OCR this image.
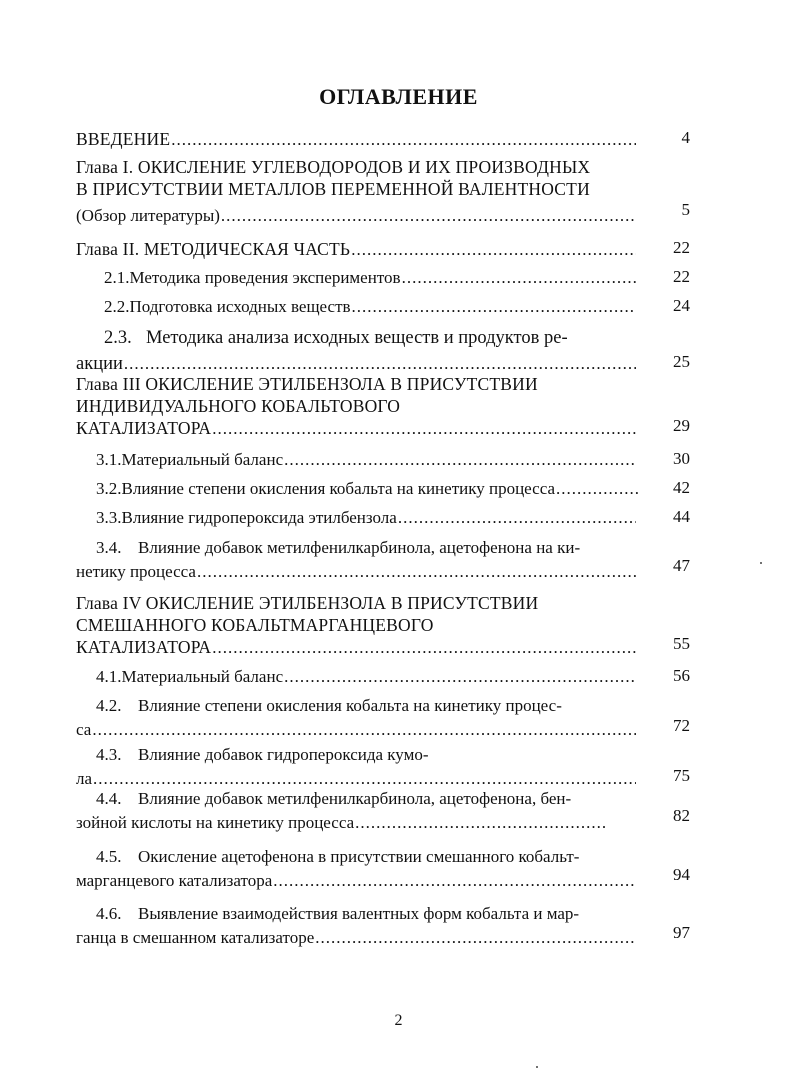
ОГЛАВЛЕНИЕ
ВВЕДЕНИЕ .....	4
Глава I. ОКИСЛЕНИЕ УГЛЕВОДОРОДОВ И ИХ ПРОИЗВОДНЫХ
В ПРИСУТСТВИИ МЕТАЛЛОВ ПЕРЕМЕННОЙ ВАЛЕНТНОСТИ
(Обзор литературы) .....	5
Глава II. МЕТОДИЧЕСКАЯ ЧАСТЬ .....	22
2.1. Методика проведения экспериментов .....	22
2.2. Подготовка исходных веществ .....	24
2.3. Методика анализа исходных веществ и продуктов ре-
акции .....	25
Глава III ОКИСЛЕНИЕ ЭТИЛБЕНЗОЛА В ПРИСУТСТВИИ
ИНДИВИДУАЛЬНОГО КОБАЛЬТОВОГО
КАТАЛИЗАТОРА .....	29
3.1. Материальный баланс .....	30
3.2. Влияние степени окисления кобальта на кинетику процесса .....	42
3.3. Влияние гидропероксида этилбензола .....	44
3.4. Влияние добавок метилфенилкарбинола, ацетофенона на ки-
нетику процесса .....	47
Глава IV ОКИСЛЕНИЕ ЭТИЛБЕНЗОЛА В ПРИСУТСТВИИ
СМЕШАННОГО КОБАЛЬТМАРГАНЦЕВОГО
КАТАЛИЗАТОРА .....	55
4.1. Материальный баланс .....	56
4.2. Влияние степени окисления кобальта на кинетику процес-
са .....	72
4.3. Влияние добавок гидропероксида кумо-
ла .....	75
4.4. Влияние добавок метилфенилкарбинола, ацетофенона, бен-
зойной кислоты на кинетику процесса .....	82
4.5. Окисление ацетофенона в присутствии смешанного кобальт-
марганцевого катализатора .....	94
4.6. Выявление взаимодействия валентных форм кобальта и мар-
ганца в смешанном катализаторе .....	97
2
